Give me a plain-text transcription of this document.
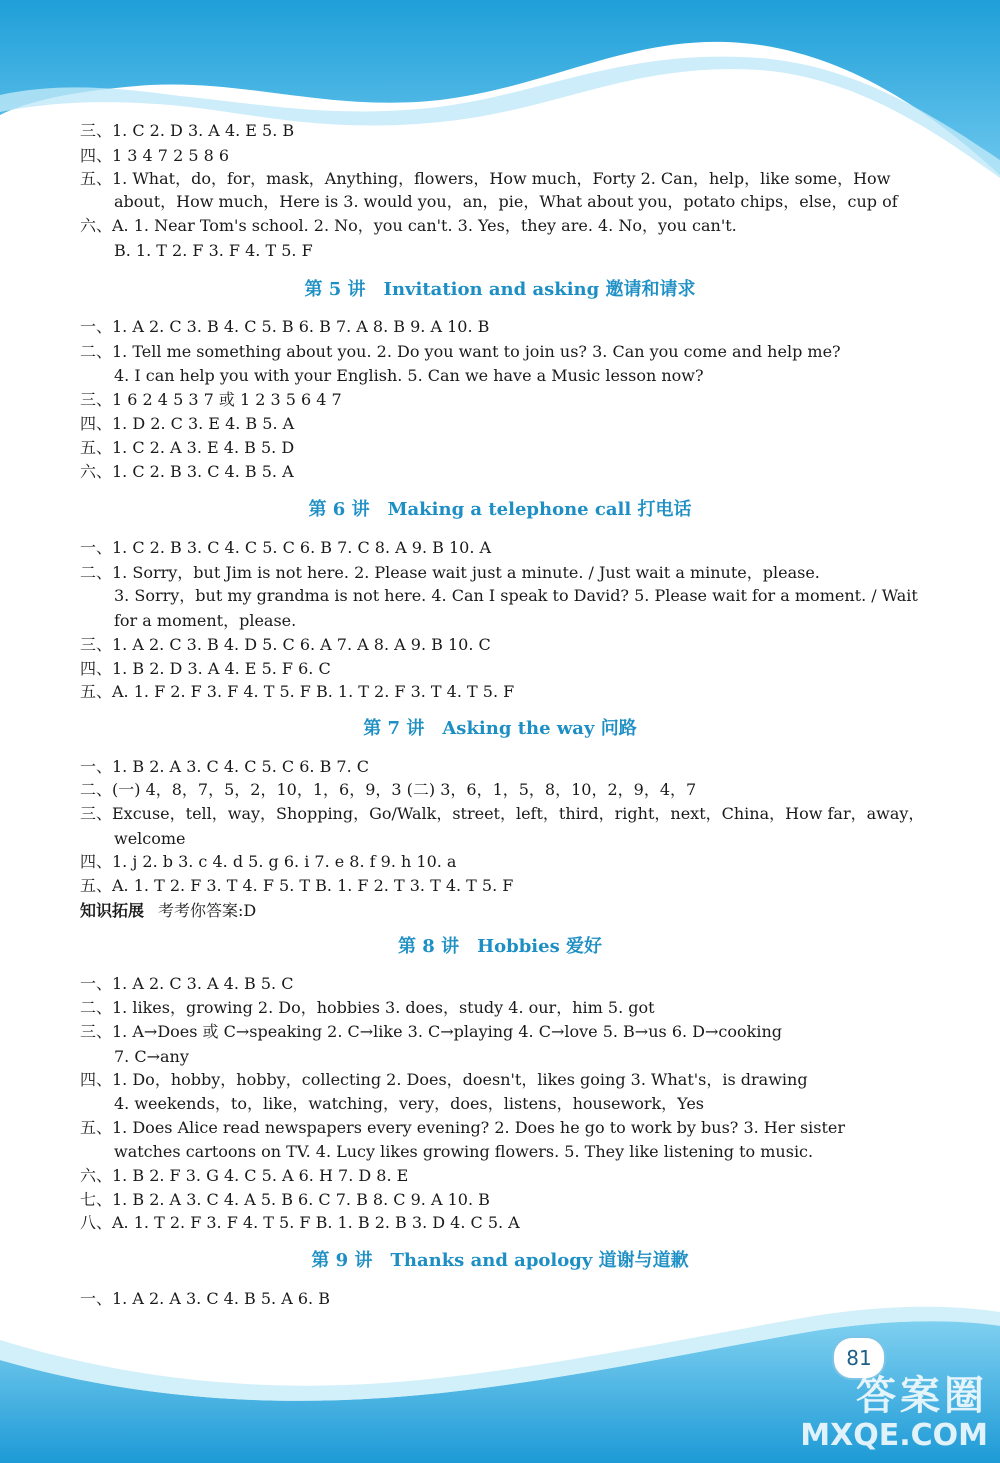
三、1. C 2. D 3. A 4. E 5. B
四、1 3 4 7 2 5 8 6
五、1. What，do，for，mask，Anything，flowers，How much，Forty 2. Can，help，like some，How
about，How much，Here is 3. would you，an，pie，What about you，potato chips，else，cup of
六、A. 1. Near Tom's school. 2. No，you can't. 3. Yes，they are. 4. No，you can't.
B. 1. T 2. F 3. F 4. T 5. F
第 5 讲 Invitation and asking 邀请和请求
一、1. A 2. C 3. B 4. C 5. B 6. B 7. A 8. B 9. A 10. B
二、1. Tell me something about you. 2. Do you want to join us? 3. Can you come and help me?
4. I can help you with your English. 5. Can we have a Music lesson now?
三、1 6 2 4 5 3 7 或 1 2 3 5 6 4 7
四、1. D 2. C 3. E 4. B 5. A
五、1. C 2. A 3. E 4. B 5. D
六、1. C 2. B 3. C 4. B 5. A
第 6 讲 Making a telephone call 打电话
一、1. C 2. B 3. C 4. C 5. C 6. B 7. C 8. A 9. B 10. A
二、1. Sorry，but Jim is not here. 2. Please wait just a minute. / Just wait a minute，please.
3. Sorry，but my grandma is not here. 4. Can I speak to David? 5. Please wait for a moment. / Wait
for a moment，please.
三、1. A 2. C 3. B 4. D 5. C 6. A 7. A 8. A 9. B 10. C
四、1. B 2. D 3. A 4. E 5. F 6. C
五、A. 1. F 2. F 3. F 4. T 5. F B. 1. T 2. F 3. T 4. T 5. F
第 7 讲 Asking the way 问路
一、1. B 2. A 3. C 4. C 5. C 6. B 7. C
二、(一) 4，8，7，5，2，10，1，6，9，3 (二) 3，6，1，5，8，10，2，9，4，7
三、Excuse，tell，way，Shopping，Go/Walk，street，left，third，right，next，China，How far，away，
welcome
四、1. j 2. b 3. c 4. d 5. g 6. i 7. e 8. f 9. h 10. a
五、A. 1. T 2. F 3. T 4. F 5. T B. 1. F 2. T 3. T 4. T 5. F
知识拓展 考考你答案:D
第 8 讲 Hobbies 爱好
一、1. A 2. C 3. A 4. B 5. C
二、1. likes，growing 2. Do，hobbies 3. does，study 4. our，him 5. got
三、1. A→Does 或 C→speaking 2. C→like 3. C→playing 4. C→love 5. B→us 6. D→cooking
7. C→any
四、1. Do，hobby，hobby，collecting 2. Does，doesn't，likes going 3. What's，is drawing
4. weekends，to，like，watching，very，does，listens，housework，Yes
五、1. Does Alice read newspapers every evening? 2. Does he go to work by bus? 3. Her sister
watches cartoons on TV. 4. Lucy likes growing flowers. 5. They like listening to music.
六、1. B 2. F 3. G 4. C 5. A 6. H 7. D 8. E
七、1. B 2. A 3. C 4. A 5. B 6. C 7. B 8. C 9. A 10. B
八、A. 1. T 2. F 3. F 4. T 5. F B. 1. B 2. B 3. D 4. C 5. A
第 9 讲 Thanks and apology 道谢与道歉
一、1. A 2. A 3. C 4. B 5. A 6. B
81
答案圈
MXQE.COM
